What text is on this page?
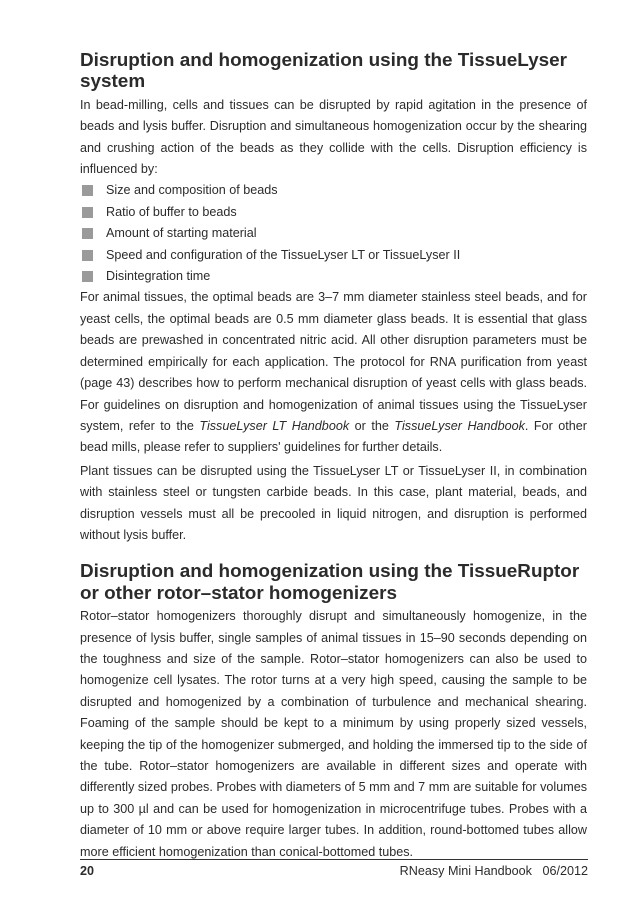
Disruption and homogenization using the TissueLyser system

In bead-milling, cells and tissues can be disrupted by rapid agitation in the presence of beads and lysis buffer. Disruption and simultaneous homogenization occur by the shearing and crushing action of the beads as they collide with the cells. Disruption efficiency is influenced by:

Size and composition of beads
Ratio of buffer to beads
Amount of starting material
Speed and configuration of the TissueLyser LT or TissueLyser II
Disintegration time

For animal tissues, the optimal beads are 3–7 mm diameter stainless steel beads, and for yeast cells, the optimal beads are 0.5 mm diameter glass beads. It is essential that glass beads are prewashed in concentrated nitric acid. All other disruption parameters must be determined empirically for each application. The protocol for RNA purification from yeast (page 43) describes how to perform mechanical disruption of yeast cells with glass beads. For guidelines on disruption and homogenization of animal tissues using the TissueLyser system, refer to the TissueLyser LT Handbook or the TissueLyser Handbook. For other bead mills, please refer to suppliers' guidelines for further details.

Plant tissues can be disrupted using the TissueLyser LT or TissueLyser II, in combination with stainless steel or tungsten carbide beads. In this case, plant material, beads, and disruption vessels must all be precooled in liquid nitrogen, and disruption is performed without lysis buffer.

Disruption and homogenization using the TissueRuptor or other rotor–stator homogenizers

Rotor–stator homogenizers thoroughly disrupt and simultaneously homogenize, in the presence of lysis buffer, single samples of animal tissues in 15–90 seconds depending on the toughness and size of the sample. Rotor–stator homogenizers can also be used to homogenize cell lysates. The rotor turns at a very high speed, causing the sample to be disrupted and homogenized by a combination of turbulence and mechanical shearing. Foaming of the sample should be kept to a minimum by using properly sized vessels, keeping the tip of the homogenizer submerged, and holding the immersed tip to the side of the tube. Rotor–stator homogenizers are available in different sizes and operate with differently sized probes. Probes with diameters of 5 mm and 7 mm are suitable for volumes up to 300 µl and can be used for homogenization in microcentrifuge tubes. Probes with a diameter of 10 mm or above require larger tubes. In addition, round-bottomed tubes allow more efficient homogenization than conical-bottomed tubes.

20	RNeasy Mini Handbook   06/2012
